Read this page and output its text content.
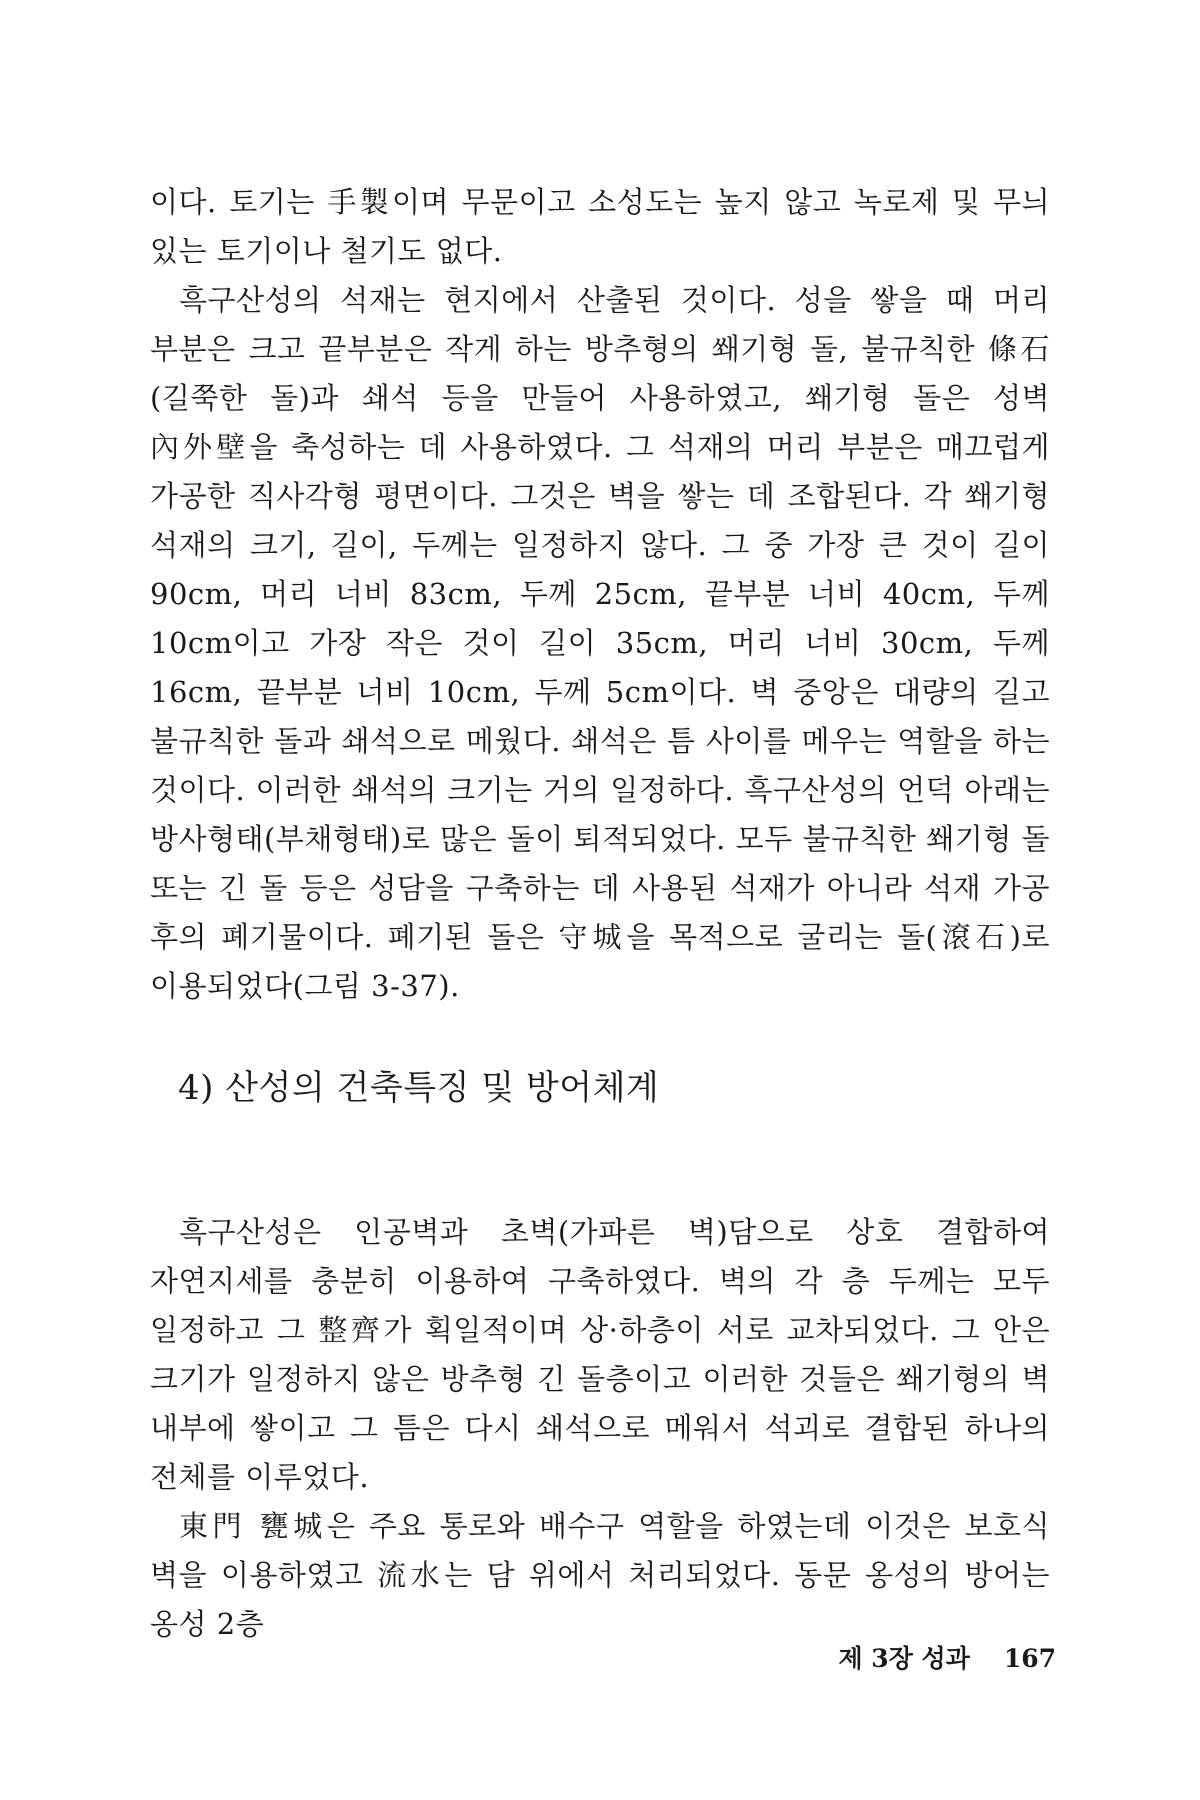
이다. 토기는 手製이며 무문이고 소성도는 높지 않고 녹로제 및 무늬 있는 토기이나 철기도 없다.

흑구산성의 석재는 현지에서 산출된 것이다. 성을 쌓을 때 머리 부분은 크고 끝부분은 작게 하는 방추형의 쐐기형 돌, 불규칙한 條石(길쭉한 돌)과 쇄석 등을 만들어 사용하였고, 쐐기형 돌은 성벽 內外壁을 축성하는 데 사용하였다. 그 석재의 머리 부분은 매끄럽게 가공한 직사각형 평면이다. 그것은 벽을 쌓는 데 조합된다. 각 쐐기형 석재의 크기, 길이, 두께는 일정하지 않다. 그 중 가장 큰 것이 길이 90cm, 머리 너비 83cm, 두께 25cm, 끝부분 너비 40cm, 두께 10cm이고 가장 작은 것이 길이 35cm, 머리 너비 30cm, 두께 16cm, 끝부분 너비 10cm, 두께 5cm이다. 벽 중앙은 대량의 길고 불규칙한 돌과 쇄석으로 메웠다. 쇄석은 틈 사이를 메우는 역할을 하는 것이다. 이러한 쇄석의 크기는 거의 일정하다. 흑구산성의 언덕 아래는 방사형태(부채형태)로 많은 돌이 퇴적되었다. 모두 불규칙한 쐐기형 돌 또는 긴 돌 등은 성담을 구축하는 데 사용된 석재가 아니라 석재 가공 후의 폐기물이다. 폐기된 돌은 守城을 목적으로 굴리는 돌(滾石)로 이용되었다(그림 3-37).

4) 산성의 건축특징 및 방어체계

흑구산성은 인공벽과 초벽(가파른 벽)담으로 상호 결합하여 자연지세를 충분히 이용하여 구축하였다. 벽의 각 층 두께는 모두 일정하고 그 整齊가 획일적이며 상·하층이 서로 교차되었다. 그 안은 크기가 일정하지 않은 방추형 긴 돌층이고 이러한 것들은 쐐기형의 벽 내부에 쌓이고 그 틈은 다시 쇄석으로 메워서 석괴로 결합된 하나의 전체를 이루었다.

東門 甕城은 주요 통로와 배수구 역할을 하였는데 이것은 보호식 벽을 이용하였고 流水는 담 위에서 처리되었다. 동문 옹성의 방어는 옹성 2층

제 3장 성과 167
